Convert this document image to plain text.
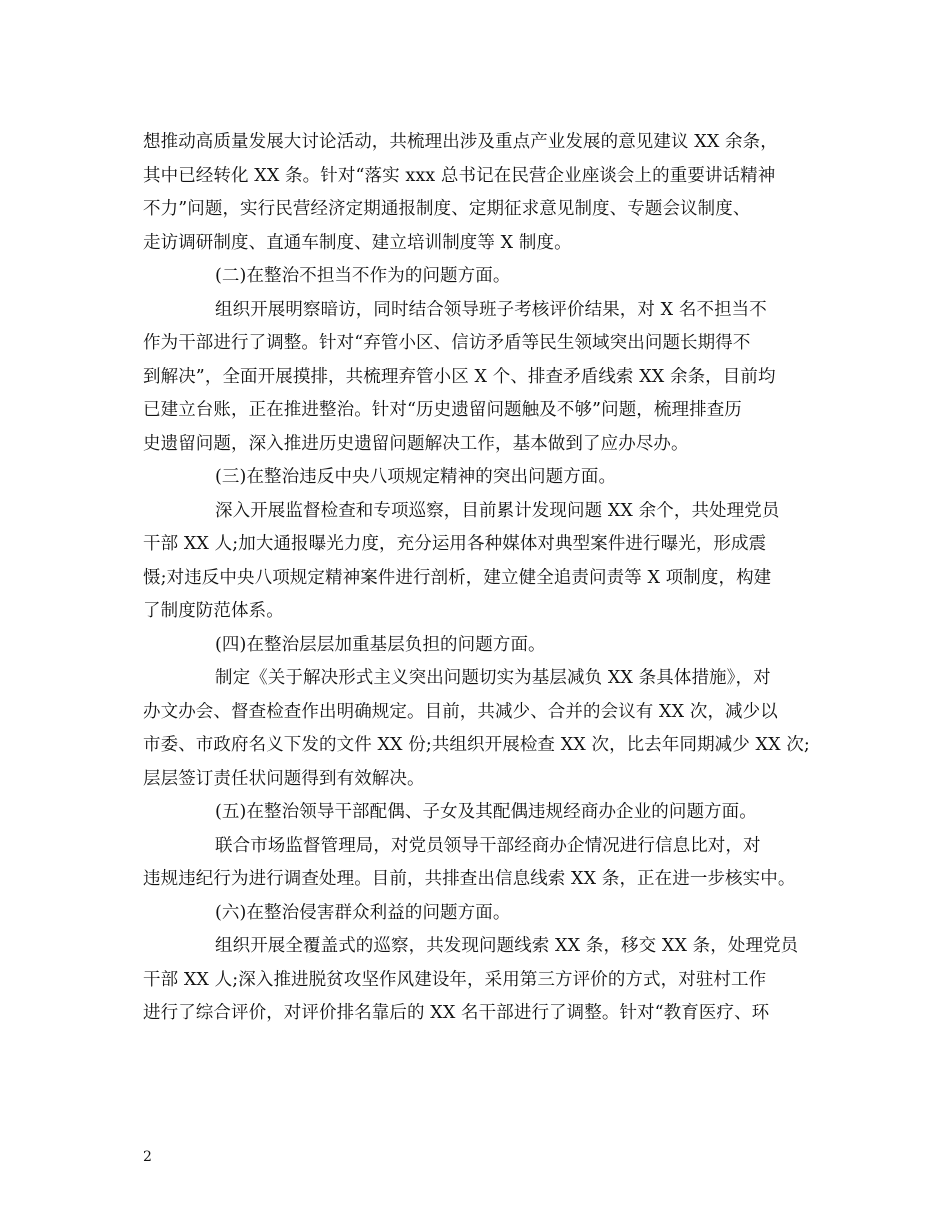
想推动高质量发展大讨论活动，共梳理出涉及重点产业发展的意见建议 XX 余条，
其中已经转化 XX 条。针对“落实 xxx 总书记在民营企业座谈会上的重要讲话精神
不力”问题，实行民营经济定期通报制度、定期征求意见制度、专题会议制度、
走访调研制度、直通车制度、建立培训制度等 X 制度。
(二)在整治不担当不作为的问题方面。
组织开展明察暗访，同时结合领导班子考核评价结果，对 X 名不担当不
作为干部进行了调整。针对“弃管小区、信访矛盾等民生领域突出问题长期得不
到解决”，全面开展摸排，共梳理弃管小区 X 个、排查矛盾线索 XX 余条，目前均
已建立台账，正在推进整治。针对“历史遗留问题触及不够”问题，梳理排查历
史遗留问题，深入推进历史遗留问题解决工作，基本做到了应办尽办。
(三)在整治违反中央八项规定精神的突出问题方面。
深入开展监督检查和专项巡察，目前累计发现问题 XX 余个，共处理党员
干部 XX 人;加大通报曝光力度，充分运用各种媒体对典型案件进行曝光，形成震
慑;对违反中央八项规定精神案件进行剖析，建立健全追责问责等 X 项制度，构建
了制度防范体系。
(四)在整治层层加重基层负担的问题方面。
制定《关于解决形式主义突出问题切实为基层减负 XX 条具体措施》，对
办文办会、督查检查作出明确规定。目前，共减少、合并的会议有 XX 次，减少以
市委、市政府名义下发的文件 XX 份;共组织开展检查 XX 次，比去年同期减少 XX 次;
层层签订责任状问题得到有效解决。
(五)在整治领导干部配偶、子女及其配偶违规经商办企业的问题方面。
联合市场监督管理局，对党员领导干部经商办企情况进行信息比对，对
违规违纪行为进行调查处理。目前，共排查出信息线索 XX 条，正在进一步核实中。
(六)在整治侵害群众利益的问题方面。
组织开展全覆盖式的巡察，共发现问题线索 XX 条，移交 XX 条，处理党员
干部 XX 人;深入推进脱贫攻坚作风建设年，采用第三方评价的方式，对驻村工作
进行了综合评价，对评价排名靠后的 XX 名干部进行了调整。针对“教育医疗、环
2
